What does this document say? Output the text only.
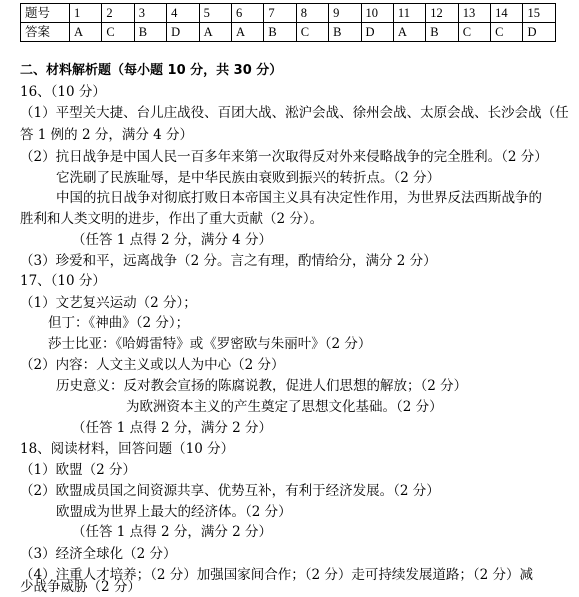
题号	1	2	3	4	5	6	7	8	9	10	11	12	13	14	15
答案	A	C	B	D	A	A	B	C	B	D	A	B	C	C	D
二、材料解析题（每小题 10 分，共 30 分）
16、（10 分）
（1）平型关大捷、台儿庄战役、百团大战、淞沪会战、徐州会战、太原会战、长沙会战（任
答 1 例的 2 分，满分 4 分）
（2）抗日战争是中国人民一百多年来第一次取得反对外来侵略战争的完全胜利。（2 分）
它洗刷了民族耻辱，是中华民族由衰败到振兴的转折点。（2 分）
中国的抗日战争对彻底打败日本帝国主义具有决定性作用，为世界反法西斯战争的
胜利和人类文明的进步，作出了重大贡献（2 分）。
（任答 1 点得 2 分，满分 4 分）
（3）珍爱和平，远离战争（2 分。言之有理，酌情给分，满分 2 分）
17、（10 分）
（1）文艺复兴运动（2 分）；
但丁：《神曲》（2 分）；
莎士比亚：《哈姆雷特》或《罗密欧与朱丽叶》（2 分）
（2）内容：人文主义或以人为中心（2 分）
历史意义：反对教会宣扬的陈腐说教，促进人们思想的解放；（2 分）
为欧洲资本主义的产生奠定了思想文化基础。（2 分）
（任答 1 点得 2 分，满分 2 分）
18、阅读材料，回答问题（10 分）
（1）欧盟（2 分）
（2）欧盟成员国之间资源共享、优势互补，有利于经济发展。（2 分）
欧盟成为世界上最大的经济体。（2 分）
（任答 1 点得 2 分，满分 2 分）
（3）经济全球化（2 分）
（4）注重人才培养；（2 分）加强国家间合作；（2 分）走可持续发展道路；（2 分）减
少战争威胁（2 分）
